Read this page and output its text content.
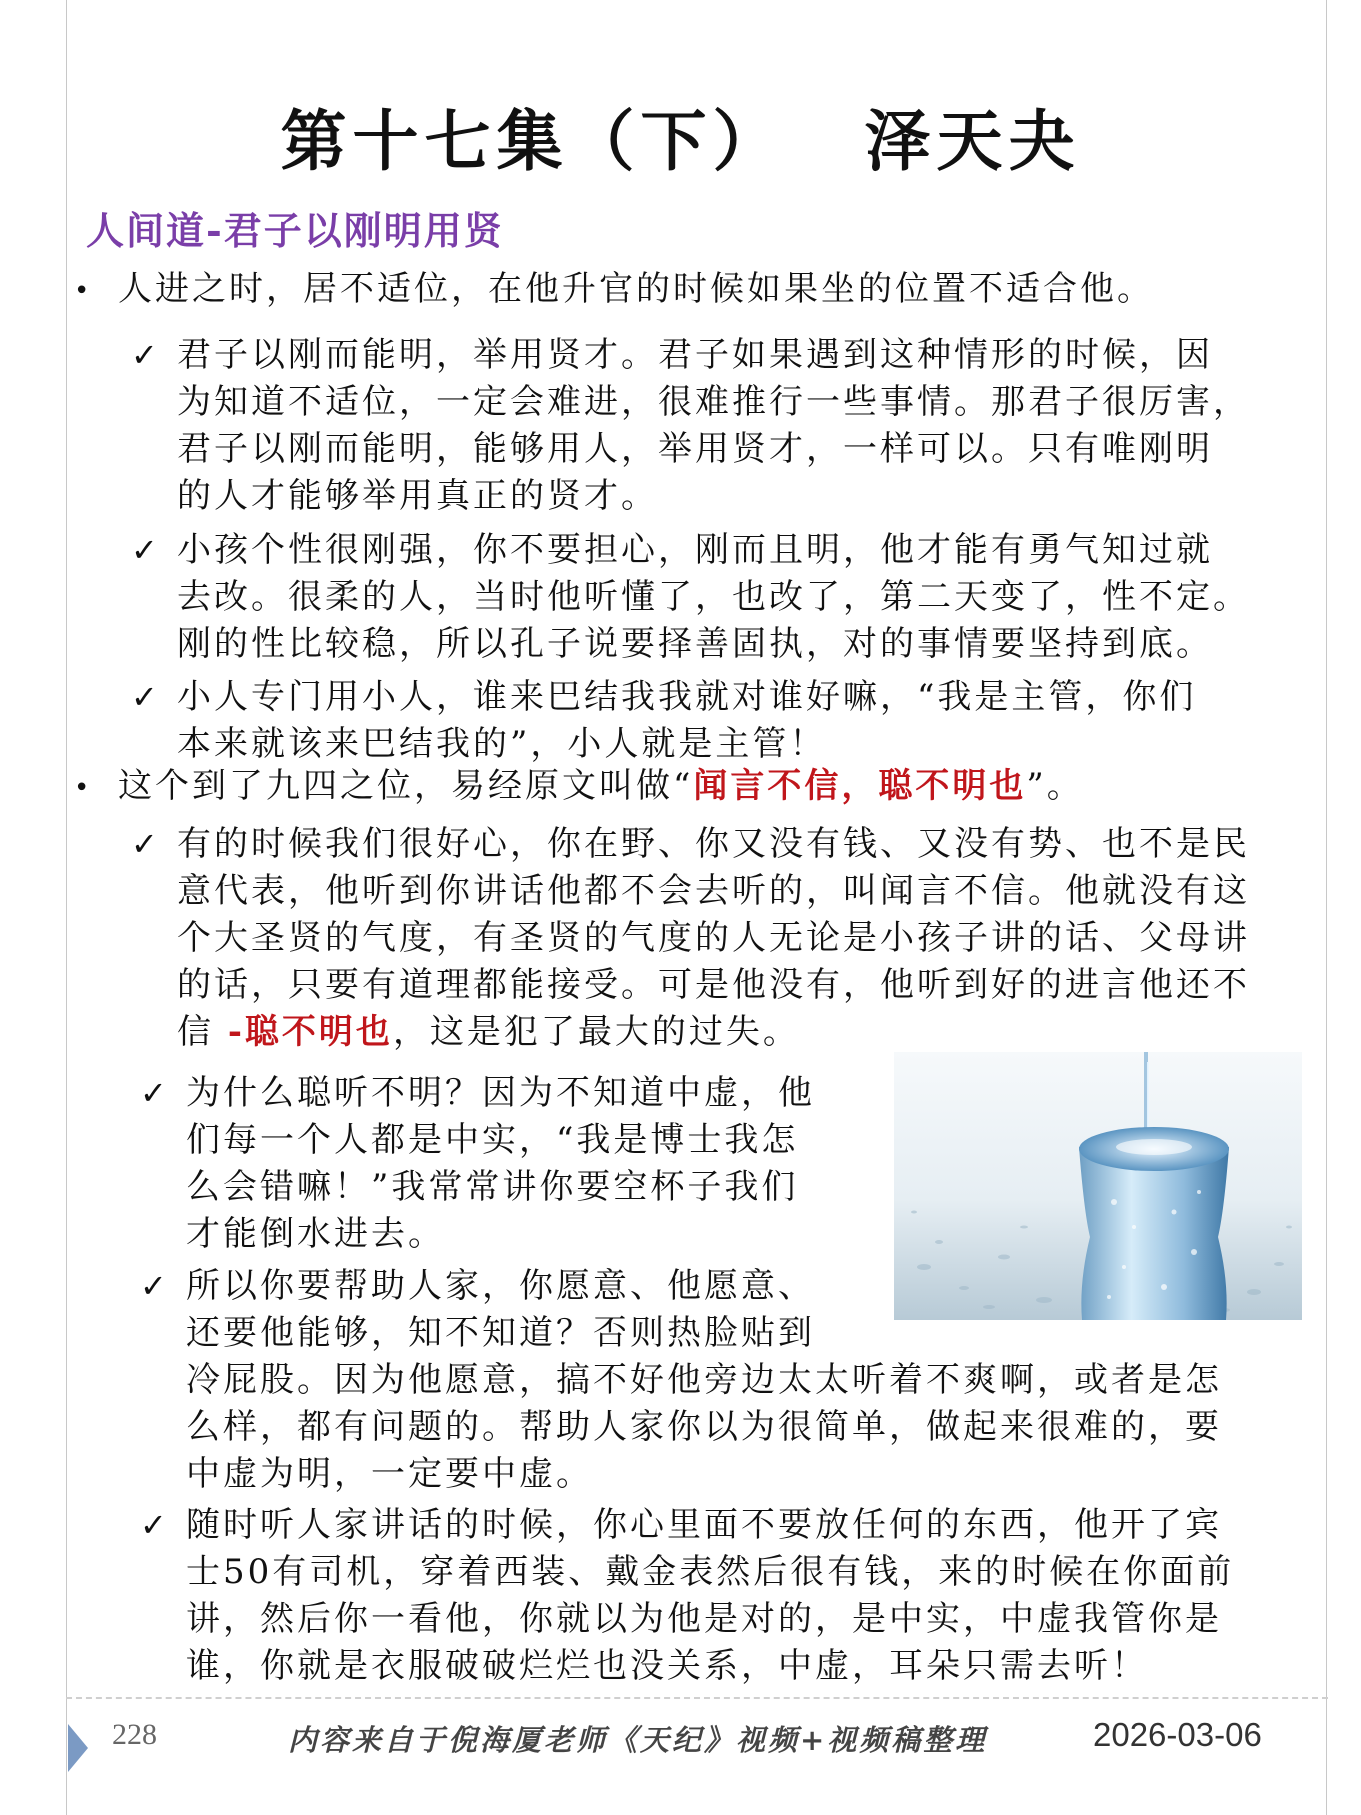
第十七集（下） 泽天夬
人间道-君子以刚明用贤
• 人进之时，居不适位，在他升官的时候如果坐的位置不适合他。
✓ 君子以刚而能明，举用贤才。君子如果遇到这种情形的时候，因
为知道不适位，一定会难进，很难推行一些事情。那君子很厉害，
君子以刚而能明，能够用人，举用贤才，一样可以。只有唯刚明
的人才能够举用真正的贤才。
✓ 小孩个性很刚强，你不要担心，刚而且明，他才能有勇气知过就
去改。很柔的人，当时他听懂了，也改了，第二天变了，性不定。
刚的性比较稳，所以孔子说要择善固执，对的事情要坚持到底。
✓ 小人专门用小人，谁来巴结我我就对谁好嘛，“我是主管，你们
本来就该来巴结我的”，小人就是主管！
• 这个到了九四之位，易经原文叫做“闻言不信，聪不明也”。
✓ 有的时候我们很好心，你在野、你又没有钱、又没有势、也不是民
意代表，他听到你讲话他都不会去听的，叫闻言不信。他就没有这
个大圣贤的气度，有圣贤的气度的人无论是小孩子讲的话、父母讲
的话，只要有道理都能接受。可是他没有，他听到好的进言他还不
信 -聪不明也，这是犯了最大的过失。
✓ 为什么聪听不明？因为不知道中虚，他
们每一个人都是中实，“我是博士我怎
么会错嘛！”我常常讲你要空杯子我们
才能倒水进去。
✓ 所以你要帮助人家，你愿意、他愿意、
还要他能够，知不知道？否则热脸贴到
冷屁股。因为他愿意，搞不好他旁边太太听着不爽啊，或者是怎
么样，都有问题的。帮助人家你以为很简单，做起来很难的，要
中虚为明，一定要中虚。
✓ 随时听人家讲话的时候，你心里面不要放任何的东西，他开了宾
士50有司机，穿着西装、戴金表然后很有钱，来的时候在你面前
讲，然后你一看他，你就以为他是对的，是中实，中虚我管你是
谁，你就是衣服破破烂烂也没关系，中虚，耳朵只需去听！
228	内容来自于倪海厦老师《天纪》视频+视频稿整理	2026-03-06
